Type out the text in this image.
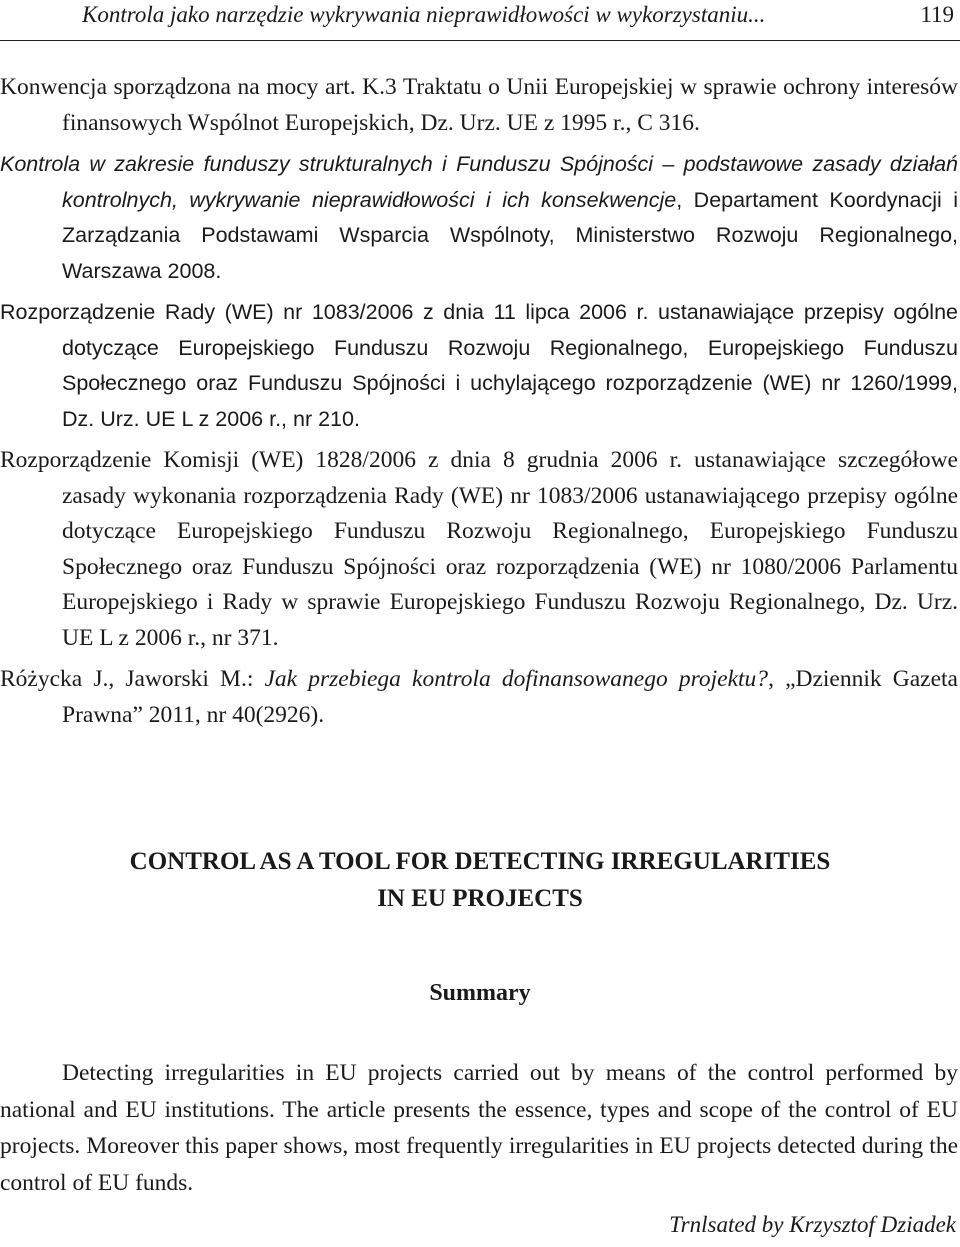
Kontrola jako narzędzie wykrywania nieprawidłowości w wykorzystaniu...	119

Konwencja sporządzona na mocy art. K.3 Traktatu o Unii Europejskiej w sprawie ochrony interesów finansowych Wspólnot Europejskich, Dz. Urz. UE z 1995 r., C 316.

Kontrola w zakresie funduszy strukturalnych i Funduszu Spójności – podstawowe zasady działań kontrolnych, wykrywanie nieprawidłowości i ich konsekwencje, Departament Koordynacji i Zarządzania Podstawami Wsparcia Wspólnoty, Ministerstwo Rozwoju Regionalnego, Warszawa 2008.

Rozporządzenie Rady (WE) nr 1083/2006 z dnia 11 lipca 2006 r. ustanawiające przepisy ogólne dotyczące Europejskiego Funduszu Rozwoju Regionalnego, Europejskiego Funduszu Społecznego oraz Funduszu Spójności i uchylającego rozporządzenie (WE) nr 1260/1999, Dz. Urz. UE L z 2006 r., nr 210.

Rozporządzenie Komisji (WE) 1828/2006 z dnia 8 grudnia 2006 r. ustanawiające szczegółowe zasady wykonania rozporządzenia Rady (WE) nr 1083/2006 ustanawiającego przepisy ogólne dotyczące Europejskiego Funduszu Rozwoju Regionalnego, Europejskiego Funduszu Społecznego oraz Funduszu Spójności oraz rozporządzenia (WE) nr 1080/2006 Parlamentu Europejskiego i Rady w sprawie Europejskiego Funduszu Rozwoju Regionalnego, Dz. Urz. UE L z 2006 r., nr 371.

Różycka J., Jaworski M.: Jak przebiega kontrola dofinansowanego projektu?, „Dziennik Gazeta Prawna” 2011, nr 40(2926).

CONTROL AS A TOOL FOR DETECTING IRREGULARITIES
IN EU PROJECTS
Summary

Detecting irregularities in EU projects carried out by means of the control performed by national and EU institutions. The article presents the essence, types and scope of the control of EU projects. Moreover this paper shows, most frequently irregularities in EU projects detected during the control of EU funds.

Trnlsated by Krzysztof Dziadek
